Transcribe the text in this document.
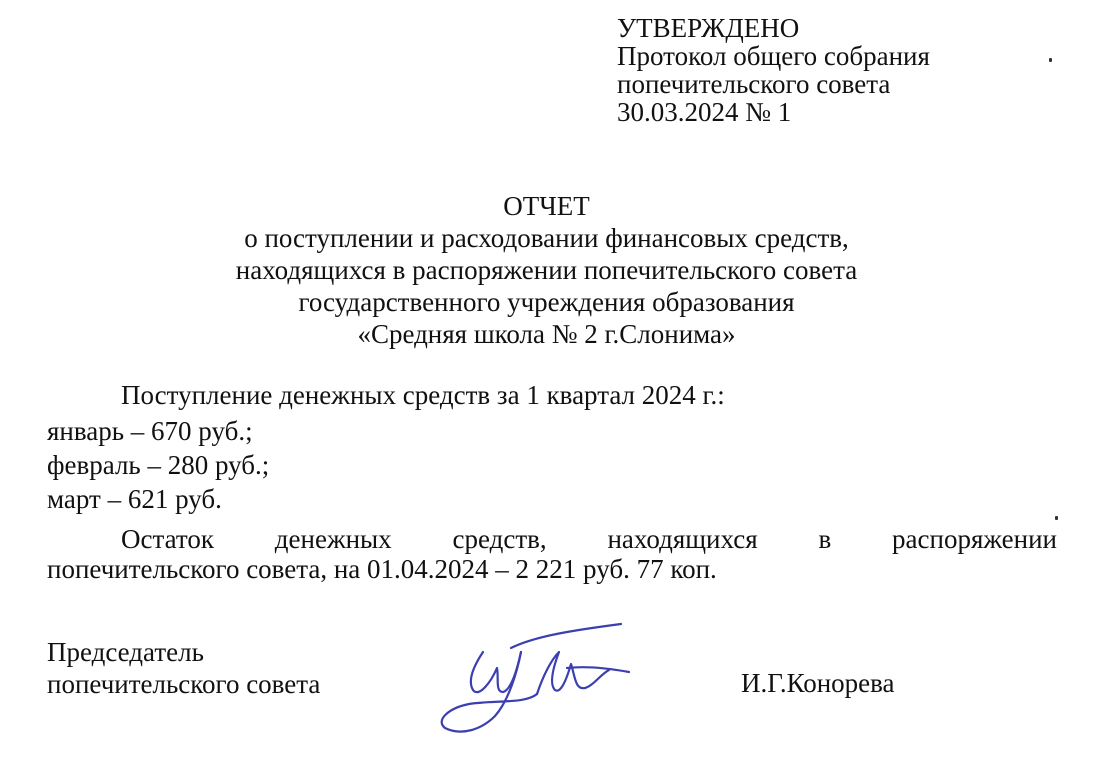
УТВЕРЖДЕНО
Протокол общего собрания
попечительского совета
30.03.2024 № 1
ОТЧЕТ
о поступлении и расходовании финансовых средств,
находящихся в распоряжении попечительского совета
государственного учреждения образования
«Средняя школа № 2 г.Слонима»
Поступление денежных средств за 1 квартал 2024 г.:
январь – 670 руб.;
февраль – 280 руб.;
март – 621 руб.
Остаток денежных средств, находящихся в распоряжении
попечительского совета, на 01.04.2024 – 2 221 руб. 77 коп.
Председатель
попечительского совета	И.Г.Конорева
